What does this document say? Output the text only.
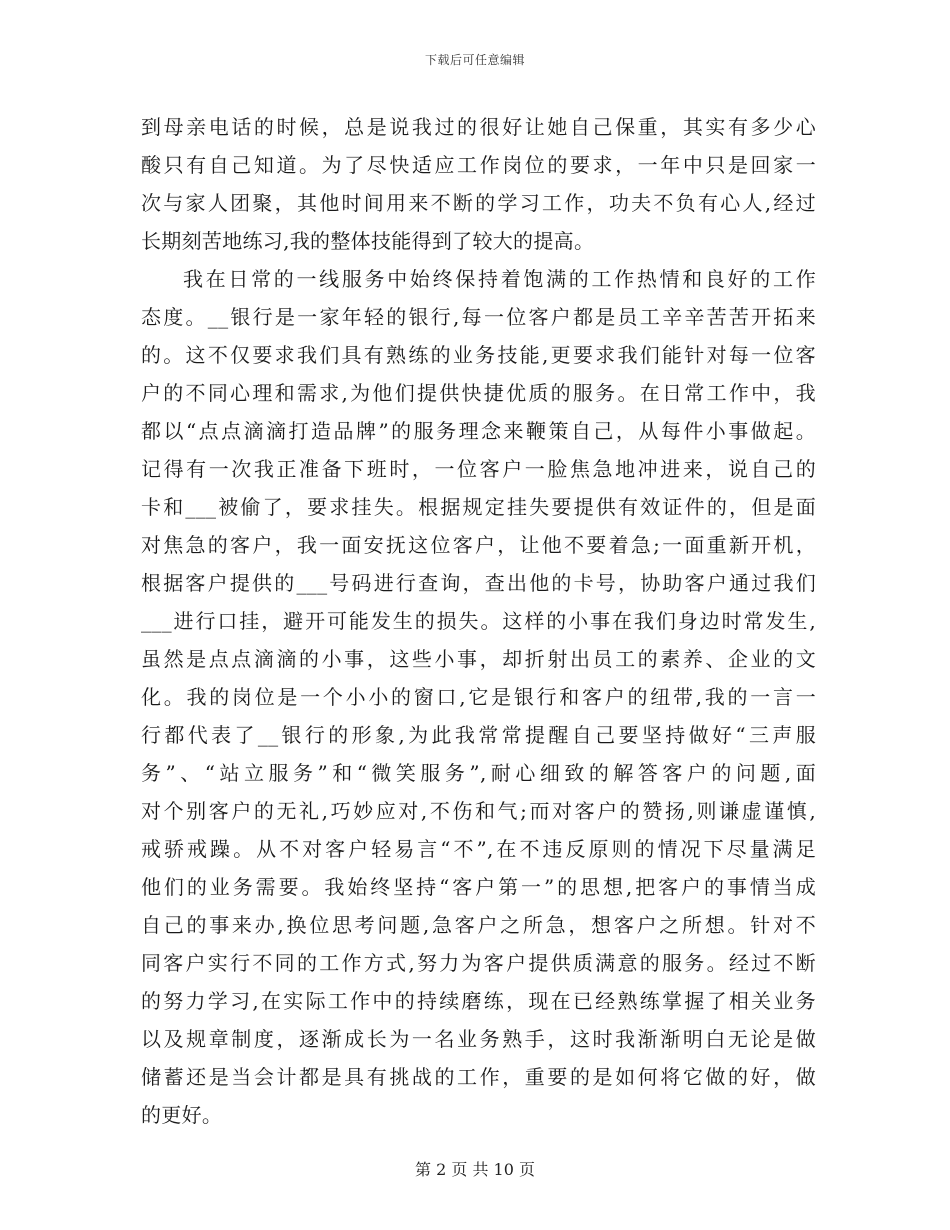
下载后可任意编辑
到母亲电话的时候，总是说我过的很好让她自己保重，其实有多少心
酸只有自己知道。为了尽快适应工作岗位的要求，一年中只是回家一
次与家人团聚，其他时间用来不断的学习工作，功夫不负有心人,经过
长期刻苦地练习,我的整体技能得到了较大的提高。
我在日常的一线服务中始终保持着饱满的工作热情和良好的工作
态度。__银行是一家年轻的银行,每一位客户都是员工辛辛苦苦开拓来
的。这不仅要求我们具有熟练的业务技能,更要求我们能针对每一位客
户的不同心理和需求,为他们提供快捷优质的服务。在日常工作中，我
都以“点点滴滴打造品牌”的服务理念来鞭策自己，从每件小事做起。
记得有一次我正准备下班时，一位客户一脸焦急地冲进来，说自己的
卡和___被偷了，要求挂失。根据规定挂失要提供有效证件的，但是面
对焦急的客户，我一面安抚这位客户，让他不要着急;一面重新开机，
根据客户提供的___号码进行查询，查出他的卡号，协助客户通过我们
___进行口挂，避开可能发生的损失。这样的小事在我们身边时常发生,
虽然是点点滴滴的小事，这些小事，却折射出员工的素养、企业的文
化。我的岗位是一个小小的窗口,它是银行和客户的纽带,我的一言一
行都代表了__银行的形象,为此我常常提醒自己要坚持做好“三声服
务”、“站立服务”和“微笑服务”,耐心细致的解答客户的问题,面
对个别客户的无礼,巧妙应对,不伤和气;而对客户的赞扬,则谦虚谨慎,
戒骄戒躁。从不对客户轻易言“不”,在不违反原则的情况下尽量满足
他们的业务需要。我始终坚持“客户第一”的思想,把客户的事情当成
自己的事来办,换位思考问题,急客户之所急，想客户之所想。针对不
同客户实行不同的工作方式,努力为客户提供质满意的服务。经过不断
的努力学习,在实际工作中的持续磨练，现在已经熟练掌握了相关业务
以及规章制度，逐渐成长为一名业务熟手，这时我渐渐明白无论是做
储蓄还是当会计都是具有挑战的工作，重要的是如何将它做的好，做
的更好。
第 2 页 共 10 页
